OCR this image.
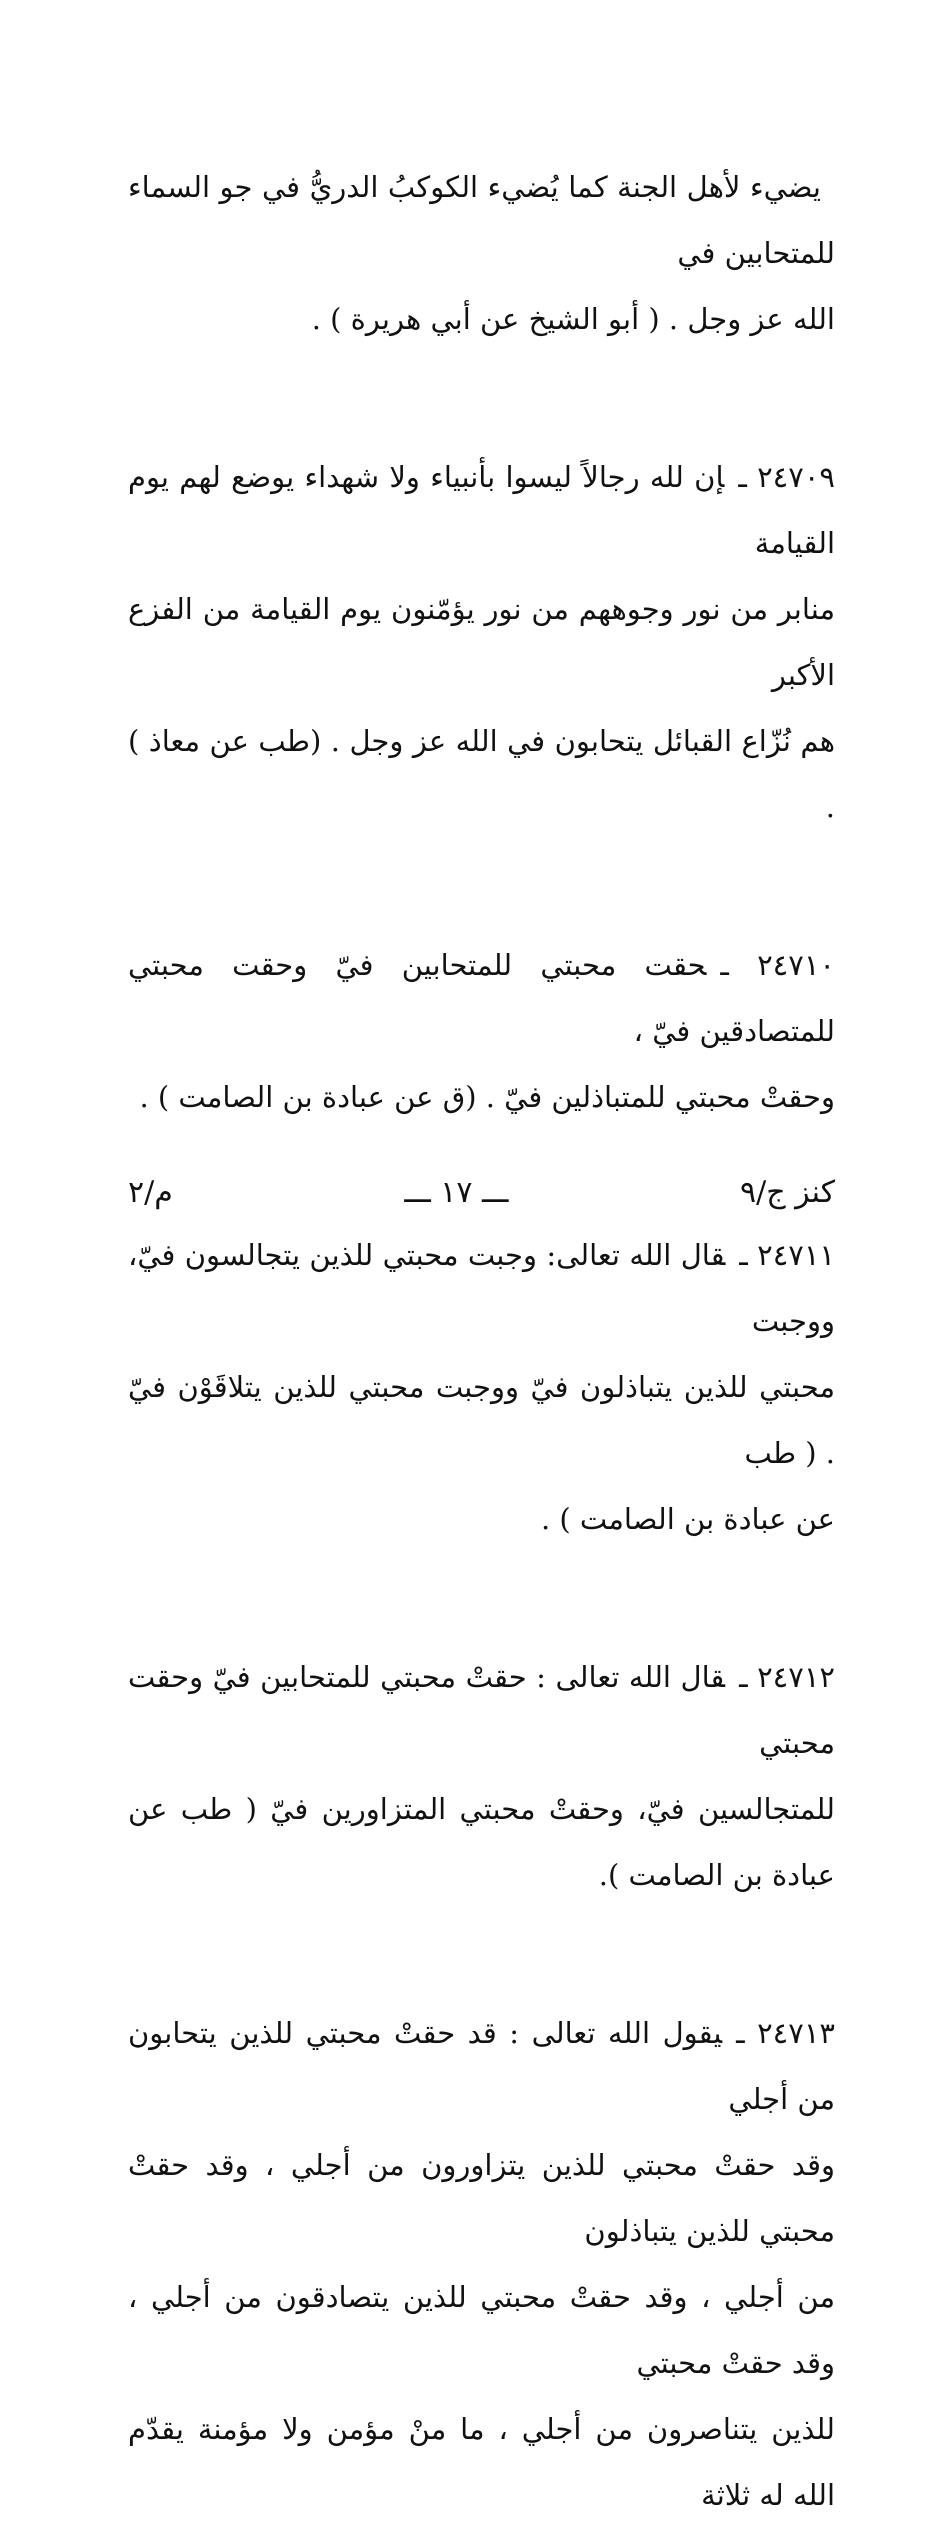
يضيء لأهل الجنة كما يُضيء الكوكبُ الدريُّ في جو السماء للمتحابين في
الله عز وجل . ( أبو الشيخ عن أبي هريرة ) .

٢٤٧٠٩ ـإن لله رجالاً ليسوا بأنبياء ولا شهداء يوضع لهم يوم القيامة
منابر من نور وجوههم من نور يؤمّنون يوم القيامة من الفزع الأكبر
هم نُزّاع القبائل يتحابون في الله عز وجل . (طب عن معاذ ) .

٢٤٧١٠ ـحقت محبتي للمتحابين فيّ وحقت محبتي للمتصادقين فيّ ،
وحقتْ محبتي للمتباذلين فيّ . (ق عن عبادة بن الصامت ) .

٢٤٧١١ ـقال الله تعالى: وجبت محبتي للذين يتجالسون فيّ، ووجبت
محبتي للذين يتباذلون فيّ ووجبت محبتي للذين يتلاقَوْن فيّ . ( طب
عن عبادة بن الصامت ) .

٢٤٧١٢ ـقال الله تعالى : حقتْ محبتي للمتحابين فيّ وحقت محبتي
للمتجالسين فيّ، وحقتْ محبتي المتزاورين فيّ ( طب عن عبادة بن الصامت ).

٢٤٧١٣ ـيقول الله تعالى : قد حقتْ محبتي للذين يتحابون من أجلي
وقد حقتْ محبتي للذين يتزاورون من أجلي ، وقد حقتْ محبتي للذين يتباذلون
من أجلي ، وقد حقتْ محبتي للذين يتصادقون من أجلي ، وقد حقتْ محبتي
للذين يتناصرون من أجلي ، ما منْ مؤمن ولا مؤمنة يقدّم الله له ثلاثة

كنز ج/٩
ـــ ١٧ ـــ
م/٢
